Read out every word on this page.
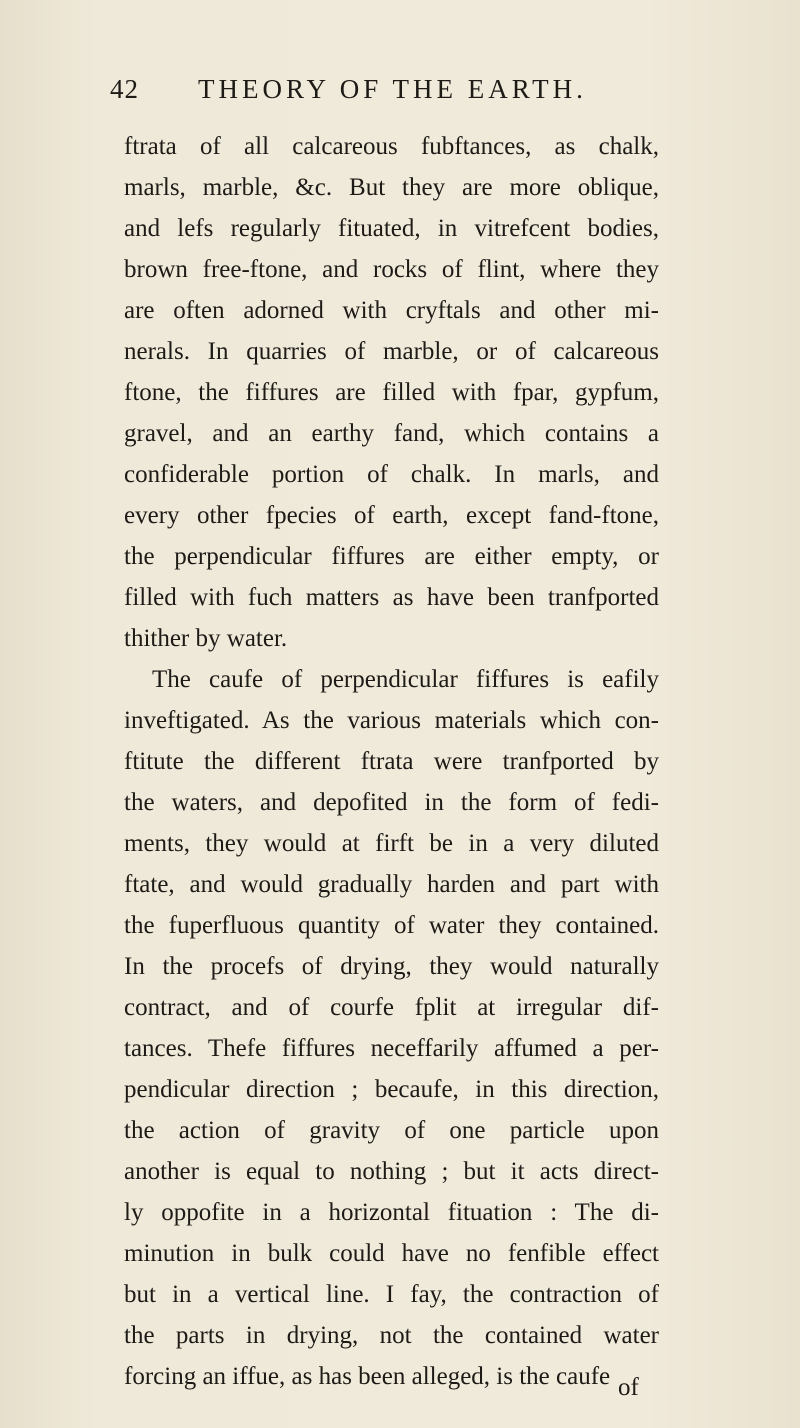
42 THEORY OF THE EARTH.
ftrata of all calcareous fubftances, as chalk,
marls, marble, &c. But they are more oblique,
and lefs regularly fituated, in vitrefcent bodies,
brown free-ftone, and rocks of flint, where they
are often adorned with cryftals and other mi-
nerals. In quarries of marble, or of calcareous
ftone, the fiffures are filled with fpar, gypfum,
gravel, and an earthy fand, which contains a
confiderable portion of chalk. In marls, and
every other fpecies of earth, except fand-ftone,
the perpendicular fiffures are either empty, or
filled with fuch matters as have been tranfported
thither by water.
The caufe of perpendicular fiffures is eafily
inveftigated. As the various materials which con-
ftitute the different ftrata were tranfported by
the waters, and depofited in the form of fedi-
ments, they would at firft be in a very diluted
ftate, and would gradually harden and part with
the fuperfluous quantity of water they contained.
In the procefs of drying, they would naturally
contract, and of courfe fplit at irregular dif-
tances. Thefe fiffures neceffarily affumed a per-
pendicular direction ; becaufe, in this direction,
the action of gravity of one particle upon
another is equal to nothing ; but it acts direct-
ly oppofite in a horizontal fituation : The di-
minution in bulk could have no fenfible effect
but in a vertical line. I fay, the contraction of
the parts in drying, not the contained water
forcing an iffue, as has been alleged, is the caufe of
